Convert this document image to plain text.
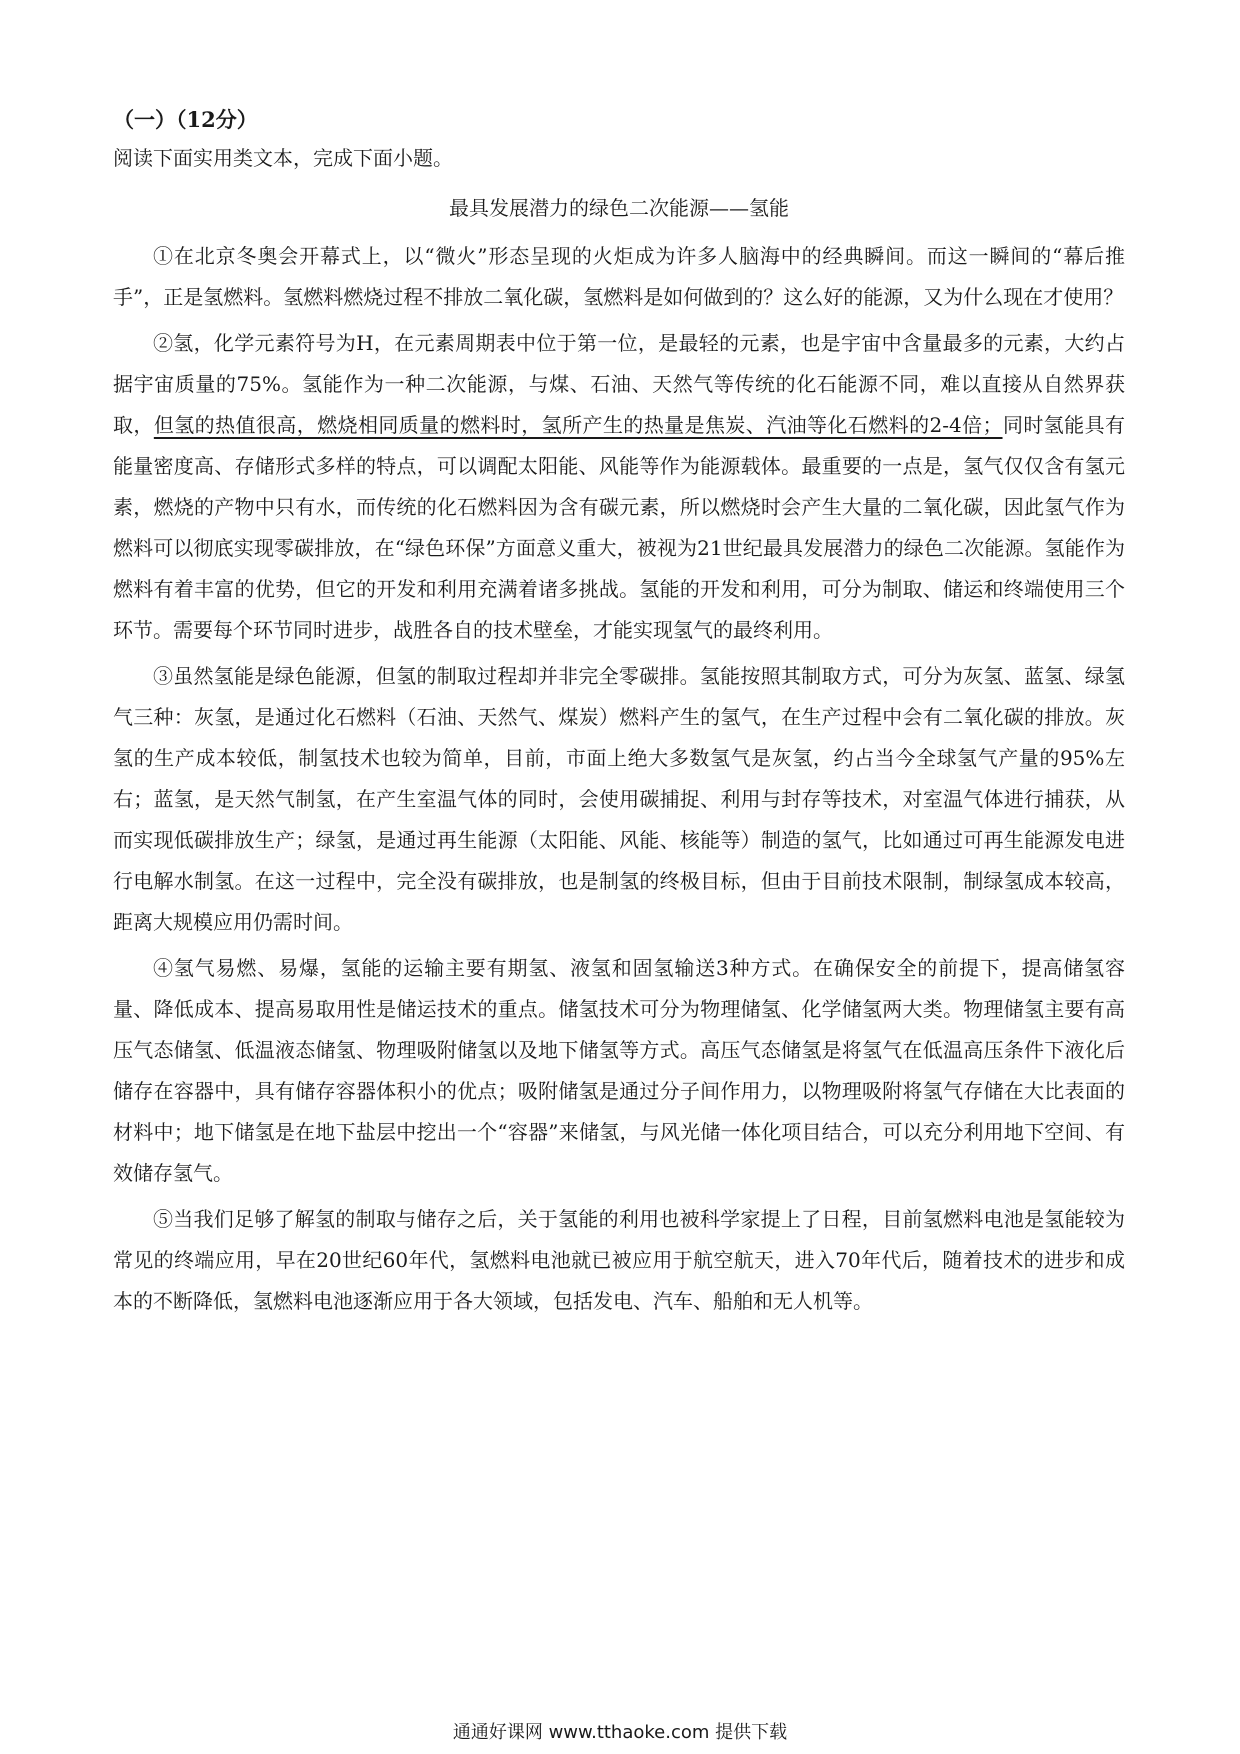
（一）（12分）
阅读下面实用类文本，完成下面小题。
最具发展潜力的绿色二次能源——氢能

①在北京冬奥会开幕式上，以“微火”形态呈现的火炬成为许多人脑海中的经典瞬间。而这一瞬间的“幕后推手”，正是氢燃料。氢燃料燃烧过程不排放二氧化碳，氢燃料是如何做到的？这么好的能源，又为什么现在才使用？

②氢，化学元素符号为H，在元素周期表中位于第一位，是最轻的元素，也是宇宙中含量最多的元素，大约占据宇宙质量的75%。氢能作为一种二次能源，与煤、石油、天然气等传统的化石能源不同，难以直接从自然界获取，但氢的热值很高，燃烧相同质量的燃料时，氢所产生的热量是焦炭、汽油等化石燃料的2-4倍；同时氢能具有能量密度高、存储形式多样的特点，可以调配太阳能、风能等作为能源载体。最重要的一点是，氢气仅仅含有氢元素，燃烧的产物中只有水，而传统的化石燃料因为含有碳元素，所以燃烧时会产生大量的二氧化碳，因此氢气作为燃料可以彻底实现零碳排放，在“绿色环保”方面意义重大，被视为21世纪最具发展潜力的绿色二次能源。氢能作为燃料有着丰富的优势，但它的开发和利用充满着诸多挑战。氢能的开发和利用，可分为制取、储运和终端使用三个环节。需要每个环节同时进步，战胜各自的技术壁垒，才能实现氢气的最终利用。

③虽然氢能是绿色能源，但氢的制取过程却并非完全零碳排。氢能按照其制取方式，可分为灰氢、蓝氢、绿氢气三种：灰氢，是通过化石燃料（石油、天然气、煤炭）燃料产生的氢气，在生产过程中会有二氧化碳的排放。灰氢的生产成本较低，制氢技术也较为简单，目前，市面上绝大多数氢气是灰氢，约占当今全球氢气产量的95%左右；蓝氢，是天然气制氢，在产生室温气体的同时，会使用碳捕捉、利用与封存等技术，对室温气体进行捕获，从而实现低碳排放生产；绿氢，是通过再生能源（太阳能、风能、核能等）制造的氢气，比如通过可再生能源发电进行电解水制氢。在这一过程中，完全没有碳排放，也是制氢的终极目标，但由于目前技术限制，制绿氢成本较高，距离大规模应用仍需时间。

④氢气易燃、易爆，氢能的运输主要有期氢、液氢和固氢输送3种方式。在确保安全的前提下，提高储氢容量、降低成本、提高易取用性是储运技术的重点。储氢技术可分为物理储氢、化学储氢两大类。物理储氢主要有高压气态储氢、低温液态储氢、物理吸附储氢以及地下储氢等方式。高压气态储氢是将氢气在低温高压条件下液化后储存在容器中，具有储存容器体积小的优点；吸附储氢是通过分子间作用力，以物理吸附将氢气存储在大比表面的材料中；地下储氢是在地下盐层中挖出一个“容器”来储氢，与风光储一体化项目结合，可以充分利用地下空间、有效储存氢气。

⑤当我们足够了解氢的制取与储存之后，关于氢能的利用也被科学家提上了日程，目前氢燃料电池是氢能较为常见的终端应用，早在20世纪60年代，氢燃料电池就已被应用于航空航天，进入70年代后，随着技术的进步和成本的不断降低，氢燃料电池逐渐应用于各大领域，包括发电、汽车、船舶和无人机等。

通通好课网 www.tthaoke.com 提供下载
